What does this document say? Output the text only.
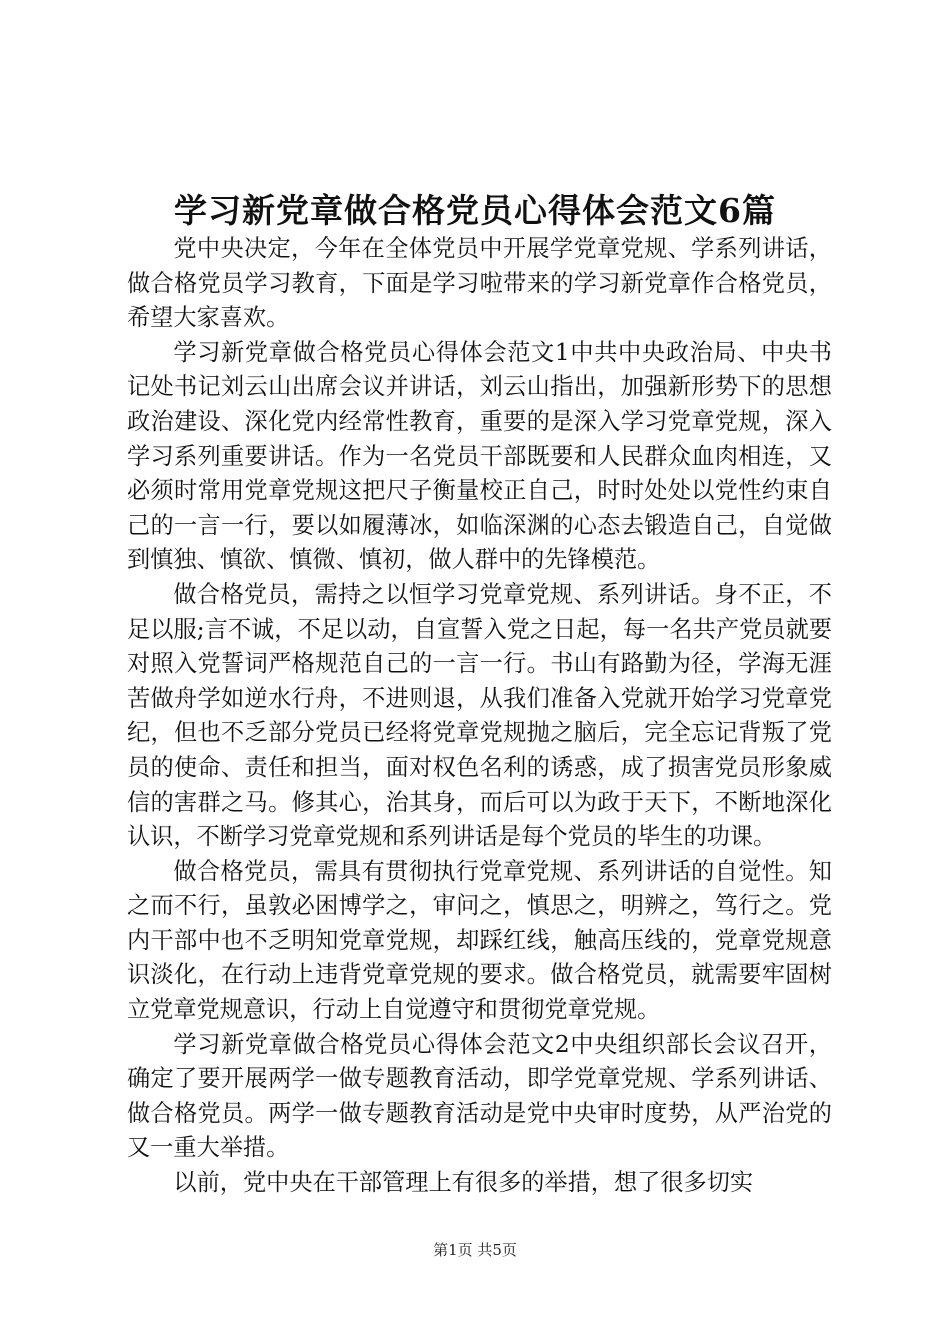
学习新党章做合格党员心得体会范文6篇

党中央决定，今年在全体党员中开展学党章党规、学系列讲话，做合格党员学习教育，下面是学习啦带来的学习新党章作合格党员，希望大家喜欢。

学习新党章做合格党员心得体会范文1中共中央政治局、中央书记处书记刘云山出席会议并讲话，刘云山指出，加强新形势下的思想政治建设、深化党内经常性教育，重要的是深入学习党章党规，深入学习系列重要讲话。作为一名党员干部既要和人民群众血肉相连，又必须时常用党章党规这把尺子衡量校正自己，时时处处以党性约束自己的一言一行，要以如履薄冰，如临深渊的心态去锻造自己，自觉做到慎独、慎欲、慎微、慎初，做人群中的先锋模范。

做合格党员，需持之以恒学习党章党规、系列讲话。身不正，不足以服;言不诚，不足以动，自宣誓入党之日起，每一名共产党员就要对照入党誓词严格规范自己的一言一行。书山有路勤为径，学海无涯苦做舟学如逆水行舟，不进则退，从我们准备入党就开始学习党章党纪，但也不乏部分党员已经将党章党规抛之脑后，完全忘记背叛了党员的使命、责任和担当，面对权色名利的诱惑，成了损害党员形象威信的害群之马。修其心，治其身，而后可以为政于天下，不断地深化认识，不断学习党章党规和系列讲话是每个党员的毕生的功课。

做合格党员，需具有贯彻执行党章党规、系列讲话的自觉性。知之而不行，虽敦必困博学之，审问之，慎思之，明辨之，笃行之。党内干部中也不乏明知党章党规，却踩红线，触高压线的，党章党规意识淡化，在行动上违背党章党规的要求。做合格党员，就需要牢固树立党章党规意识，行动上自觉遵守和贯彻党章党规。

学习新党章做合格党员心得体会范文2中央组织部长会议召开，确定了要开展两学一做专题教育活动，即学党章党规、学系列讲话、做合格党员。两学一做专题教育活动是党中央审时度势，从严治党的又一重大举措。

以前，党中央在干部管理上有很多的举措，想了很多切实

第1页 共5页
